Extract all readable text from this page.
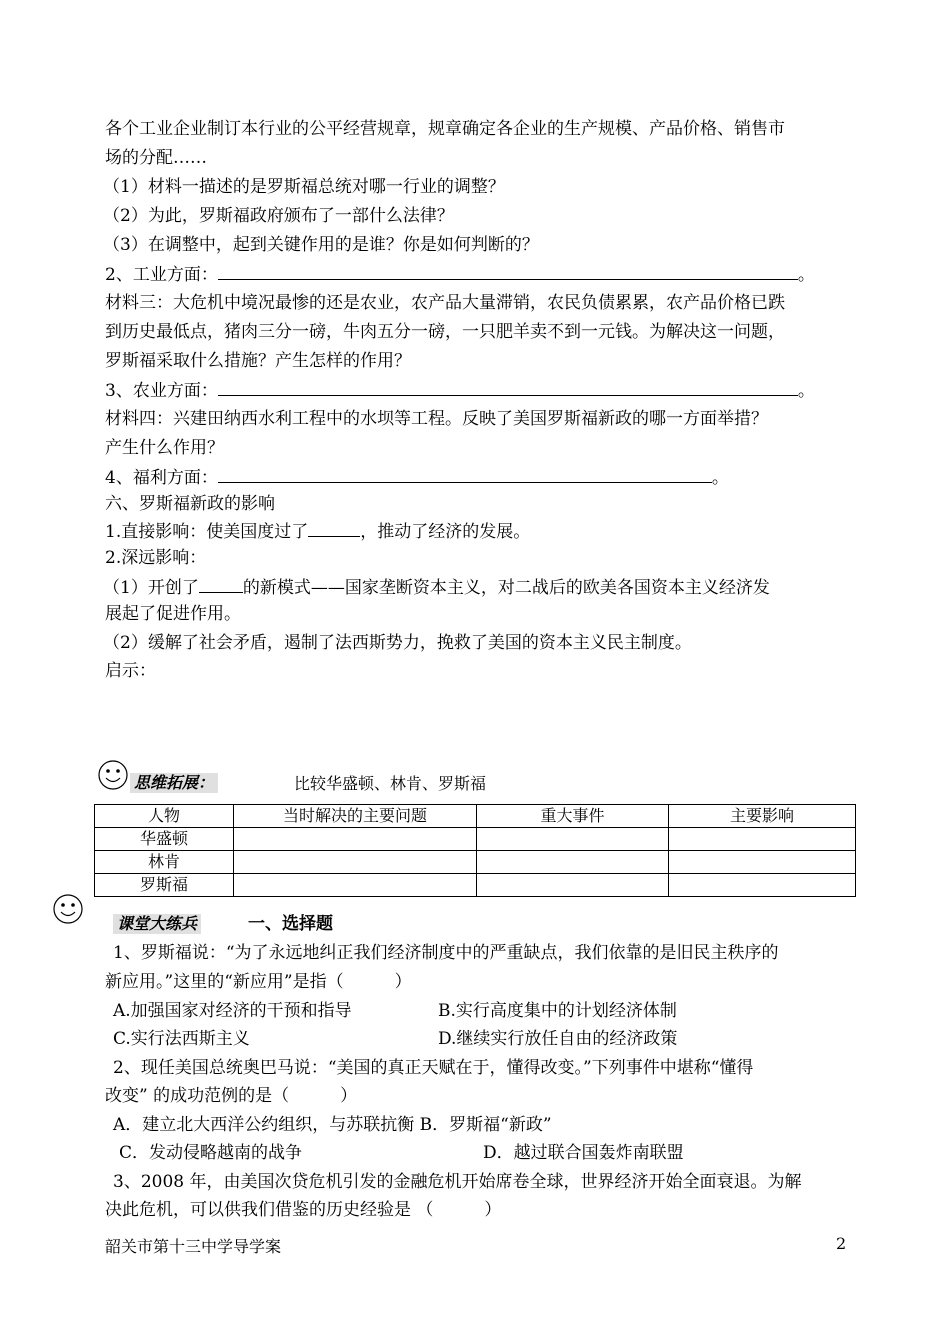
各个工业企业制订本行业的公平经营规章，规章确定各企业的生产规模、产品价格、销售市
场的分配……
（1）材料一描述的是罗斯福总统对哪一行业的调整？
（2）为此，罗斯福政府颁布了一部什么法律？
（3）在调整中，起到关键作用的是谁？你是如何判断的？
2、工业方面：	。
材料三：大危机中境况最惨的还是农业，农产品大量滞销，农民负债累累，农产品价格已跌
到历史最低点，猪肉三分一磅，牛肉五分一磅，一只肥羊卖不到一元钱。为解决这一问题，
罗斯福采取什么措施？产生怎样的作用？
3、农业方面：	。
材料四：兴建田纳西水利工程中的水坝等工程。反映了美国罗斯福新政的哪一方面举措？
产生什么作用？
4、福利方面：	。
六、罗斯福新政的影响
1.直接影响：使美国度过了	，推动了经济的发展。
2.深远影响：
（1）开创了	的新模式——国家垄断资本主义，对二战后的欧美各国资本主义经济发
展起了促进作用。
（2）缓解了社会矛盾，遏制了法西斯势力，挽救了美国的资本主义民主制度。
启示：
思维拓展：	比较华盛顿、林肯、罗斯福
人物	当时解决的主要问题	重大事件	主要影响
华盛顿			
林肯			
罗斯福			
课堂大练兵	一、选择题
1、罗斯福说：“为了永远地纠正我们经济制度中的严重缺点，我们依靠的是旧民主秩序的
新应用。”这里的“新应用”是指（　　　）
A.加强国家对经济的干预和指导	B.实行高度集中的计划经济体制
C.实行法西斯主义	D.继续实行放任自由的经济政策
2、现任美国总统奥巴马说：“美国的真正天赋在于，懂得改变。”下列事件中堪称“懂得
改变” 的成功范例的是（　　　）
A．建立北大西洋公约组织，与苏联抗衡 B．罗斯福“新政”
C．发动侵略越南的战争	D．越过联合国轰炸南联盟
3、2008 年，由美国次贷危机引发的金融危机开始席卷全球，世界经济开始全面衰退。为解
决此危机，可以供我们借鉴的历史经验是 （　　　）
韶关市第十三中学导学案	2
